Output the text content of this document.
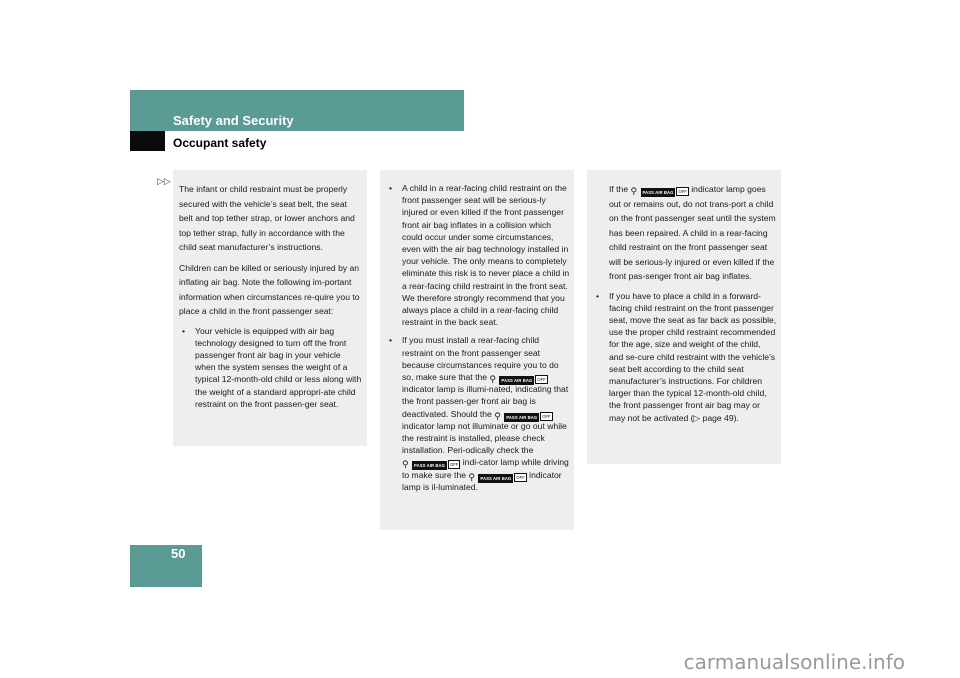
Safety and Security
Occupant safety
▷▷

The infant or child restraint must be properly secured with the vehicle’s seat belt, the seat belt and top tether strap, or lower anchors and top tether strap, fully in accordance with the child seat manufacturer’s instructions.

Children can be killed or seriously injured by an inflating air bag. Note the following im-portant information when circumstances re-quire you to place a child in the front passenger seat:

• Your vehicle is equipped with air bag technology designed to turn off the front passenger front air bag in your vehicle when the system senses the weight of a typical 12-month-old child or less along with the weight of a standard appropri-ate child restraint on the front passen-ger seat.
• A child in a rear-facing child restraint on the front passenger seat will be serious-ly injured or even killed if the front passenger front air bag inflates in a collision which could occur under some circumstances, even with the air bag technology installed in your vehicle. The only means to completely eliminate this risk is to never place a child in a rear-facing child restraint in the front seat. We therefore strongly recommend that you always place a child in a rear-facing child restraint in the back seat.
• If you must install a rear-facing child restraint on the front passenger seat because circumstances require you to do so, make sure that the ⚲ PASS AIR BAG OFF indicator lamp is illumi-nated, indicating that the front passen-ger front air bag is deactivated. Should the ⚲ PASS AIR BAG OFF indicator lamp not illuminate or go out while the restraint is installed, please check installation. Peri-odically check the ⚲ PASS AIR BAG OFF indi-cator lamp while driving to make sure the ⚲ PASS AIR BAG OFF indicator lamp is il-luminated.

If the ⚲ PASS AIR BAG OFF indicator lamp goes out or remains out, do not trans-port a child on the front passenger seat until the system has been repaired. A child in a rear-facing child restraint on the front passenger seat will be serious-ly injured or even killed if the front pas-senger front air bag inflates.

• If you have to place a child in a forward-facing child restraint on the front passenger seat, move the seat as far back as possible, use the proper child restraint recommended for the age, size and weight of the child, and se-cure child restraint with the vehicle’s seat belt according to the child seat manufacturer’s instructions. For children larger than the typical 12-month-old child, the front passenger front air bag may or may not be activated (▷ page 49).
50
carmanualsonline.info
